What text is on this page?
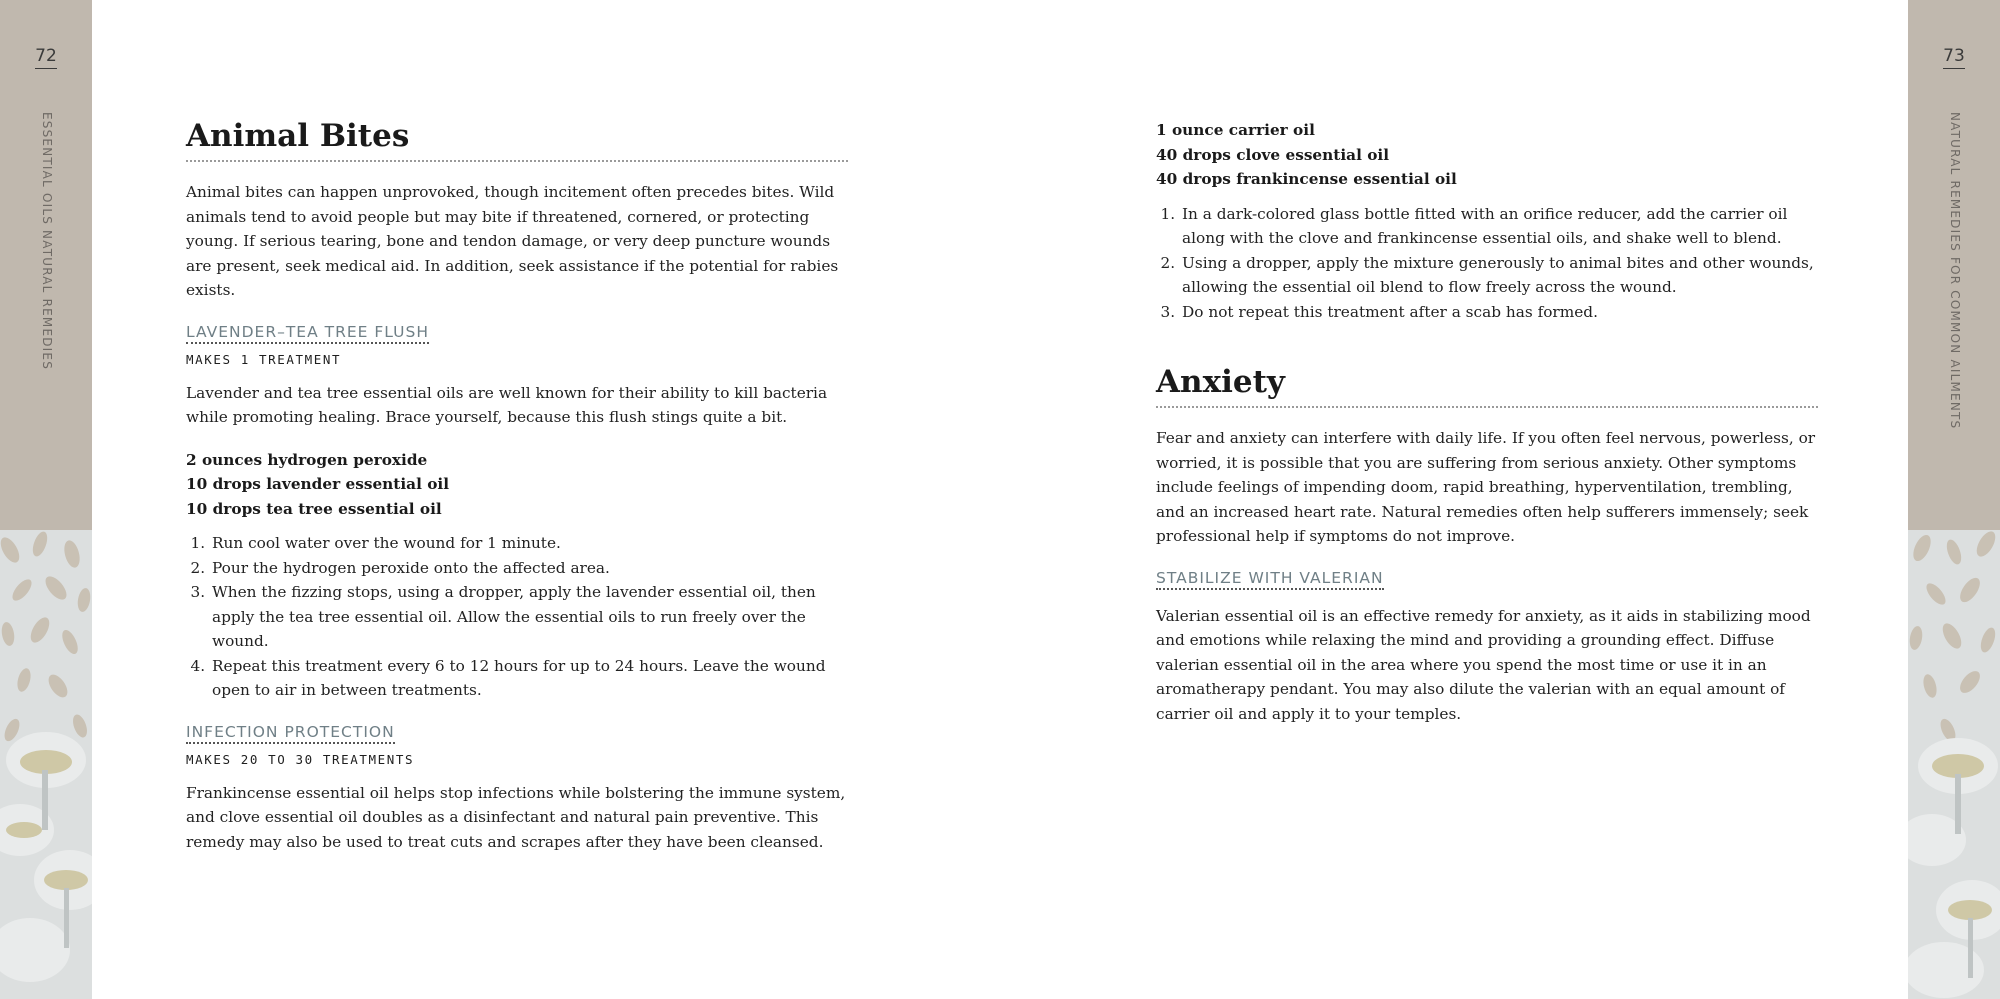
72
ESSENTIAL OILS NATURAL REMEDIES
73
NATURAL REMEDIES FOR COMMON AILMENTS
Animal Bites

Animal bites can happen unprovoked, though incitement often precedes bites. Wild animals tend to avoid people but may bite if threatened, cornered, or protecting young. If serious tearing, bone and tendon damage, or very deep puncture wounds are present, seek medical aid. In addition, seek assistance if the potential for rabies exists.

LAVENDER–TEA TREE FLUSH
MAKES 1 TREATMENT

Lavender and tea tree essential oils are well known for their ability to kill bacteria while promoting healing. Brace yourself, because this flush stings quite a bit.

2 ounces hydrogen peroxide
10 drops lavender essential oil
10 drops tea tree essential oil
1. Run cool water over the wound for 1 minute.
2. Pour the hydrogen peroxide onto the affected area.
3. When the fizzing stops, using a dropper, apply the lavender essential oil, then apply the tea tree essential oil. Allow the essential oils to run freely over the wound.
4. Repeat this treatment every 6 to 12 hours for up to 24 hours. Leave the wound open to air in between treatments.
INFECTION PROTECTION
MAKES 20 TO 30 TREATMENTS

Frankincense essential oil helps stop infections while bolstering the immune system, and clove essential oil doubles as a disinfectant and natural pain preventive. This remedy may also be used to treat cuts and scrapes after they have been cleansed.

1 ounce carrier oil
40 drops clove essential oil
40 drops frankincense essential oil
1. In a dark-colored glass bottle fitted with an orifice reducer, add the carrier oil along with the clove and frankincense essential oils, and shake well to blend.
2. Using a dropper, apply the mixture generously to animal bites and other wounds, allowing the essential oil blend to flow freely across the wound.
3. Do not repeat this treatment after a scab has formed.
Anxiety

Fear and anxiety can interfere with daily life. If you often feel nervous, powerless, or worried, it is possible that you are suffering from serious anxiety. Other symptoms include feelings of impending doom, rapid breathing, hyperventilation, trembling, and an increased heart rate. Natural remedies often help sufferers immensely; seek professional help if symptoms do not improve.

STABILIZE WITH VALERIAN

Valerian essential oil is an effective remedy for anxiety, as it aids in stabilizing mood and emotions while relaxing the mind and providing a grounding effect. Diffuse valerian essential oil in the area where you spend the most time or use it in an aromatherapy pendant. You may also dilute the valerian with an equal amount of carrier oil and apply it to your temples.
